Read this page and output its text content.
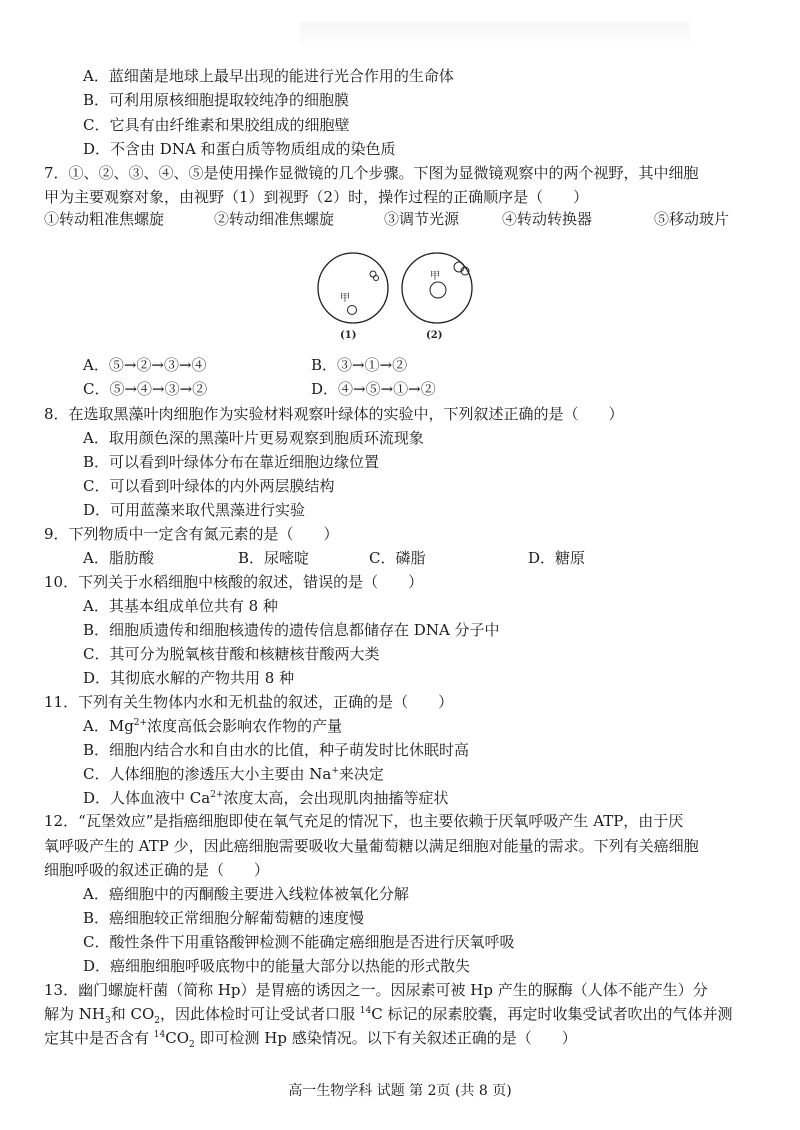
A．蓝细菌是地球上最早出现的能进行光合作用的生命体
B．可利用原核细胞提取较纯净的细胞膜
C．它具有由纤维素和果胶组成的细胞壁
D．不含由 DNA 和蛋白质等物质组成的染色质
7．①、②、③、④、⑤是使用操作显微镜的几个步骤。下图为显微镜观察中的两个视野，其中细胞
甲为主要观察对象，由视野（1）到视野（2）时，操作过程的正确顺序是（　　）
①转动粗准焦螺旋	②转动细准焦螺旋	③调节光源	④转动转换器	⑤移动玻片
甲
(1)
甲
(2)
A．⑤→②→③→④	B．③→①→②
C．⑤→④→③→②	D．④→⑤→①→②
8．在选取黑藻叶肉细胞作为实验材料观察叶绿体的实验中，下列叙述正确的是（　　）
A．取用颜色深的黑藻叶片更易观察到胞质环流现象
B．可以看到叶绿体分布在靠近细胞边缘位置
C．可以看到叶绿体的内外两层膜结构
D．可用蓝藻来取代黑藻进行实验
9．下列物质中一定含有氮元素的是（　　）
A．脂肪酸	B．尿嘧啶	C．磷脂	D．糖原
10．下列关于水稻细胞中核酸的叙述，错误的是（　　）
A．其基本组成单位共有 8 种
B．细胞质遗传和细胞核遗传的遗传信息都储存在 DNA 分子中
C．其可分为脱氧核苷酸和核糖核苷酸两大类
D．其彻底水解的产物共用 8 种
11．下列有关生物体内水和无机盐的叙述，正确的是（　　）
A．$Mg^{2+}$浓度高低会影响农作物的产量
B．细胞内结合水和自由水的比值，种子萌发时比休眠时高
C．人体细胞的渗透压大小主要由 Na+来决定
D．人体血液中 $Ca^{2+}$浓度太高，会出现肌肉抽搐等症状
12．“瓦堡效应”是指癌细胞即使在氧气充足的情况下，也主要依赖于厌氧呼吸产生 ATP，由于厌
氧呼吸产生的 ATP 少，因此癌细胞需要吸收大量葡萄糖以满足细胞对能量的需求。下列有关癌细胞
细胞呼吸的叙述正确的是（　　）
A．癌细胞中的丙酮酸主要进入线粒体被氧化分解
B．癌细胞较正常细胞分解葡萄糖的速度慢
C．酸性条件下用重铬酸钾检测不能确定癌细胞是否进行厌氧呼吸
D．癌细胞细胞呼吸底物中的能量大部分以热能的形式散失
13．幽门螺旋杆菌（简称 Hp）是胃癌的诱因之一。因尿素可被 Hp 产生的脲酶（人体不能产生）分
解为 $NH_3$和 $CO_2$，因此体检时可让受试者口服 $^{14}$C 标记的尿素胶囊，再定时收集受试者吹出的气体并测
定其中是否含有 $^{14}CO_2$ 即可检测 Hp 感染情况。以下有关叙述正确的是（　　）
高一生物学科 试题 第 2页 (共 8 页)
